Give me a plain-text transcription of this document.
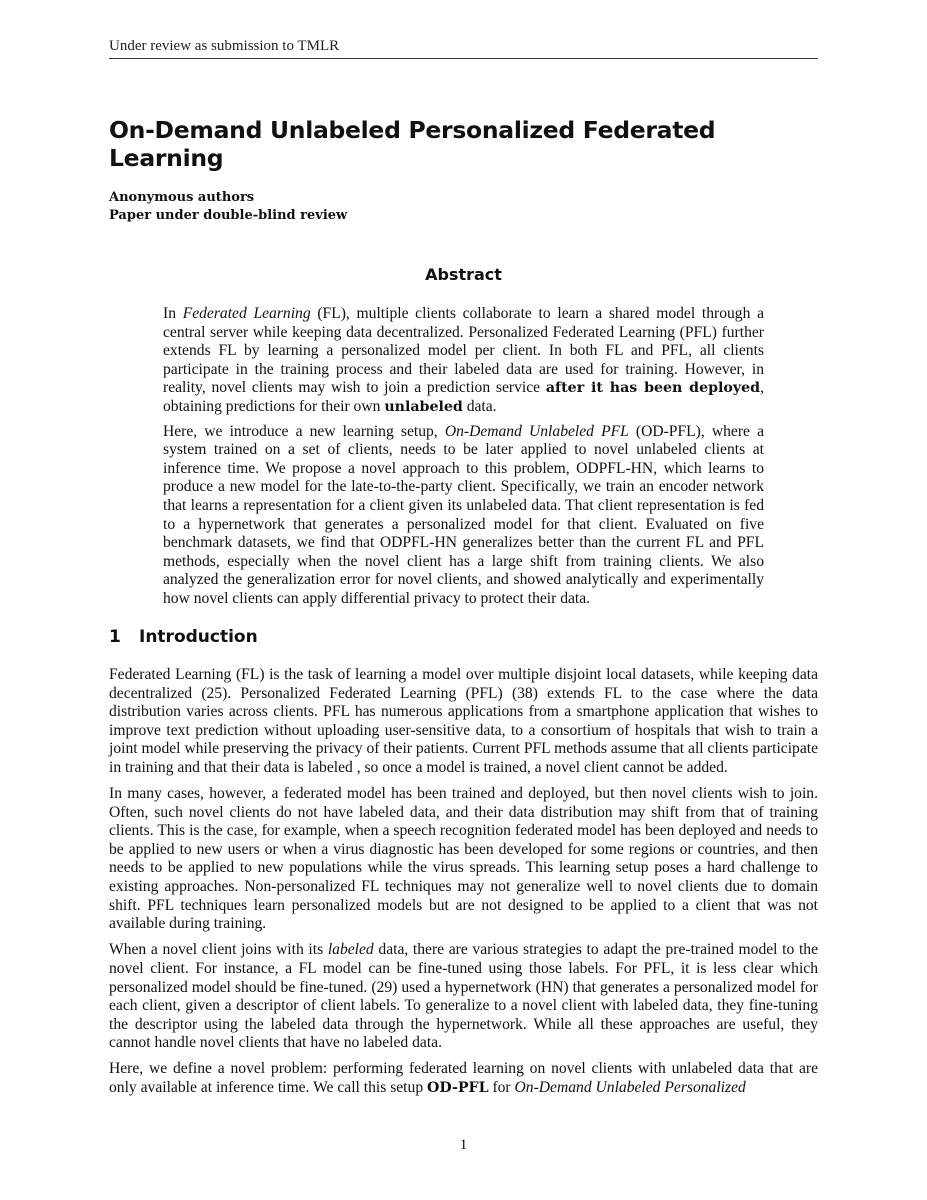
Under review as submission to TMLR
On-Demand Unlabeled Personalized Federated Learning
Anonymous authors
Paper under double-blind review
Abstract

In Federated Learning (FL), multiple clients collaborate to learn a shared model through a central server while keeping data decentralized. Personalized Federated Learning (PFL) further extends FL by learning a personalized model per client. In both FL and PFL, all clients participate in the training process and their labeled data are used for training. However, in reality, novel clients may wish to join a prediction service after it has been deployed, obtaining predictions for their own unlabeled data.

Here, we introduce a new learning setup, On-Demand Unlabeled PFL (OD-PFL), where a system trained on a set of clients, needs to be later applied to novel unlabeled clients at inference time. We propose a novel approach to this problem, ODPFL-HN, which learns to produce a new model for the late-to-the-party client. Specifically, we train an encoder network that learns a representation for a client given its unlabeled data. That client representation is fed to a hypernetwork that generates a personalized model for that client. Evaluated on five benchmark datasets, we find that ODPFL-HN generalizes better than the current FL and PFL methods, especially when the novel client has a large shift from training clients. We also analyzed the generalization error for novel clients, and showed analytically and experimentally how novel clients can apply differential privacy to protect their data.

1 Introduction

Federated Learning (FL) is the task of learning a model over multiple disjoint local datasets, while keeping data decentralized (25). Personalized Federated Learning (PFL) (38) extends FL to the case where the data distribution varies across clients. PFL has numerous applications from a smartphone application that wishes to improve text prediction without uploading user-sensitive data, to a consortium of hospitals that wish to train a joint model while preserving the privacy of their patients. Current PFL methods assume that all clients participate in training and that their data is labeled , so once a model is trained, a novel client cannot be added.

In many cases, however, a federated model has been trained and deployed, but then novel clients wish to join. Often, such novel clients do not have labeled data, and their data distribution may shift from that of training clients. This is the case, for example, when a speech recognition federated model has been deployed and needs to be applied to new users or when a virus diagnostic has been developed for some regions or countries, and then needs to be applied to new populations while the virus spreads. This learning setup poses a hard challenge to existing approaches. Non-personalized FL techniques may not generalize well to novel clients due to domain shift. PFL techniques learn personalized models but are not designed to be applied to a client that was not available during training.

When a novel client joins with its labeled data, there are various strategies to adapt the pre-trained model to the novel client. For instance, a FL model can be fine-tuned using those labels. For PFL, it is less clear which personalized model should be fine-tuned. (29) used a hypernetwork (HN) that generates a personalized model for each client, given a descriptor of client labels. To generalize to a novel client with labeled data, they fine-tuning the descriptor using the labeled data through the hypernetwork. While all these approaches are useful, they cannot handle novel clients that have no labeled data.

Here, we define a novel problem: performing federated learning on novel clients with unlabeled data that are only available at inference time. We call this setup OD-PFL for On-Demand Unlabeled Personalized

1
